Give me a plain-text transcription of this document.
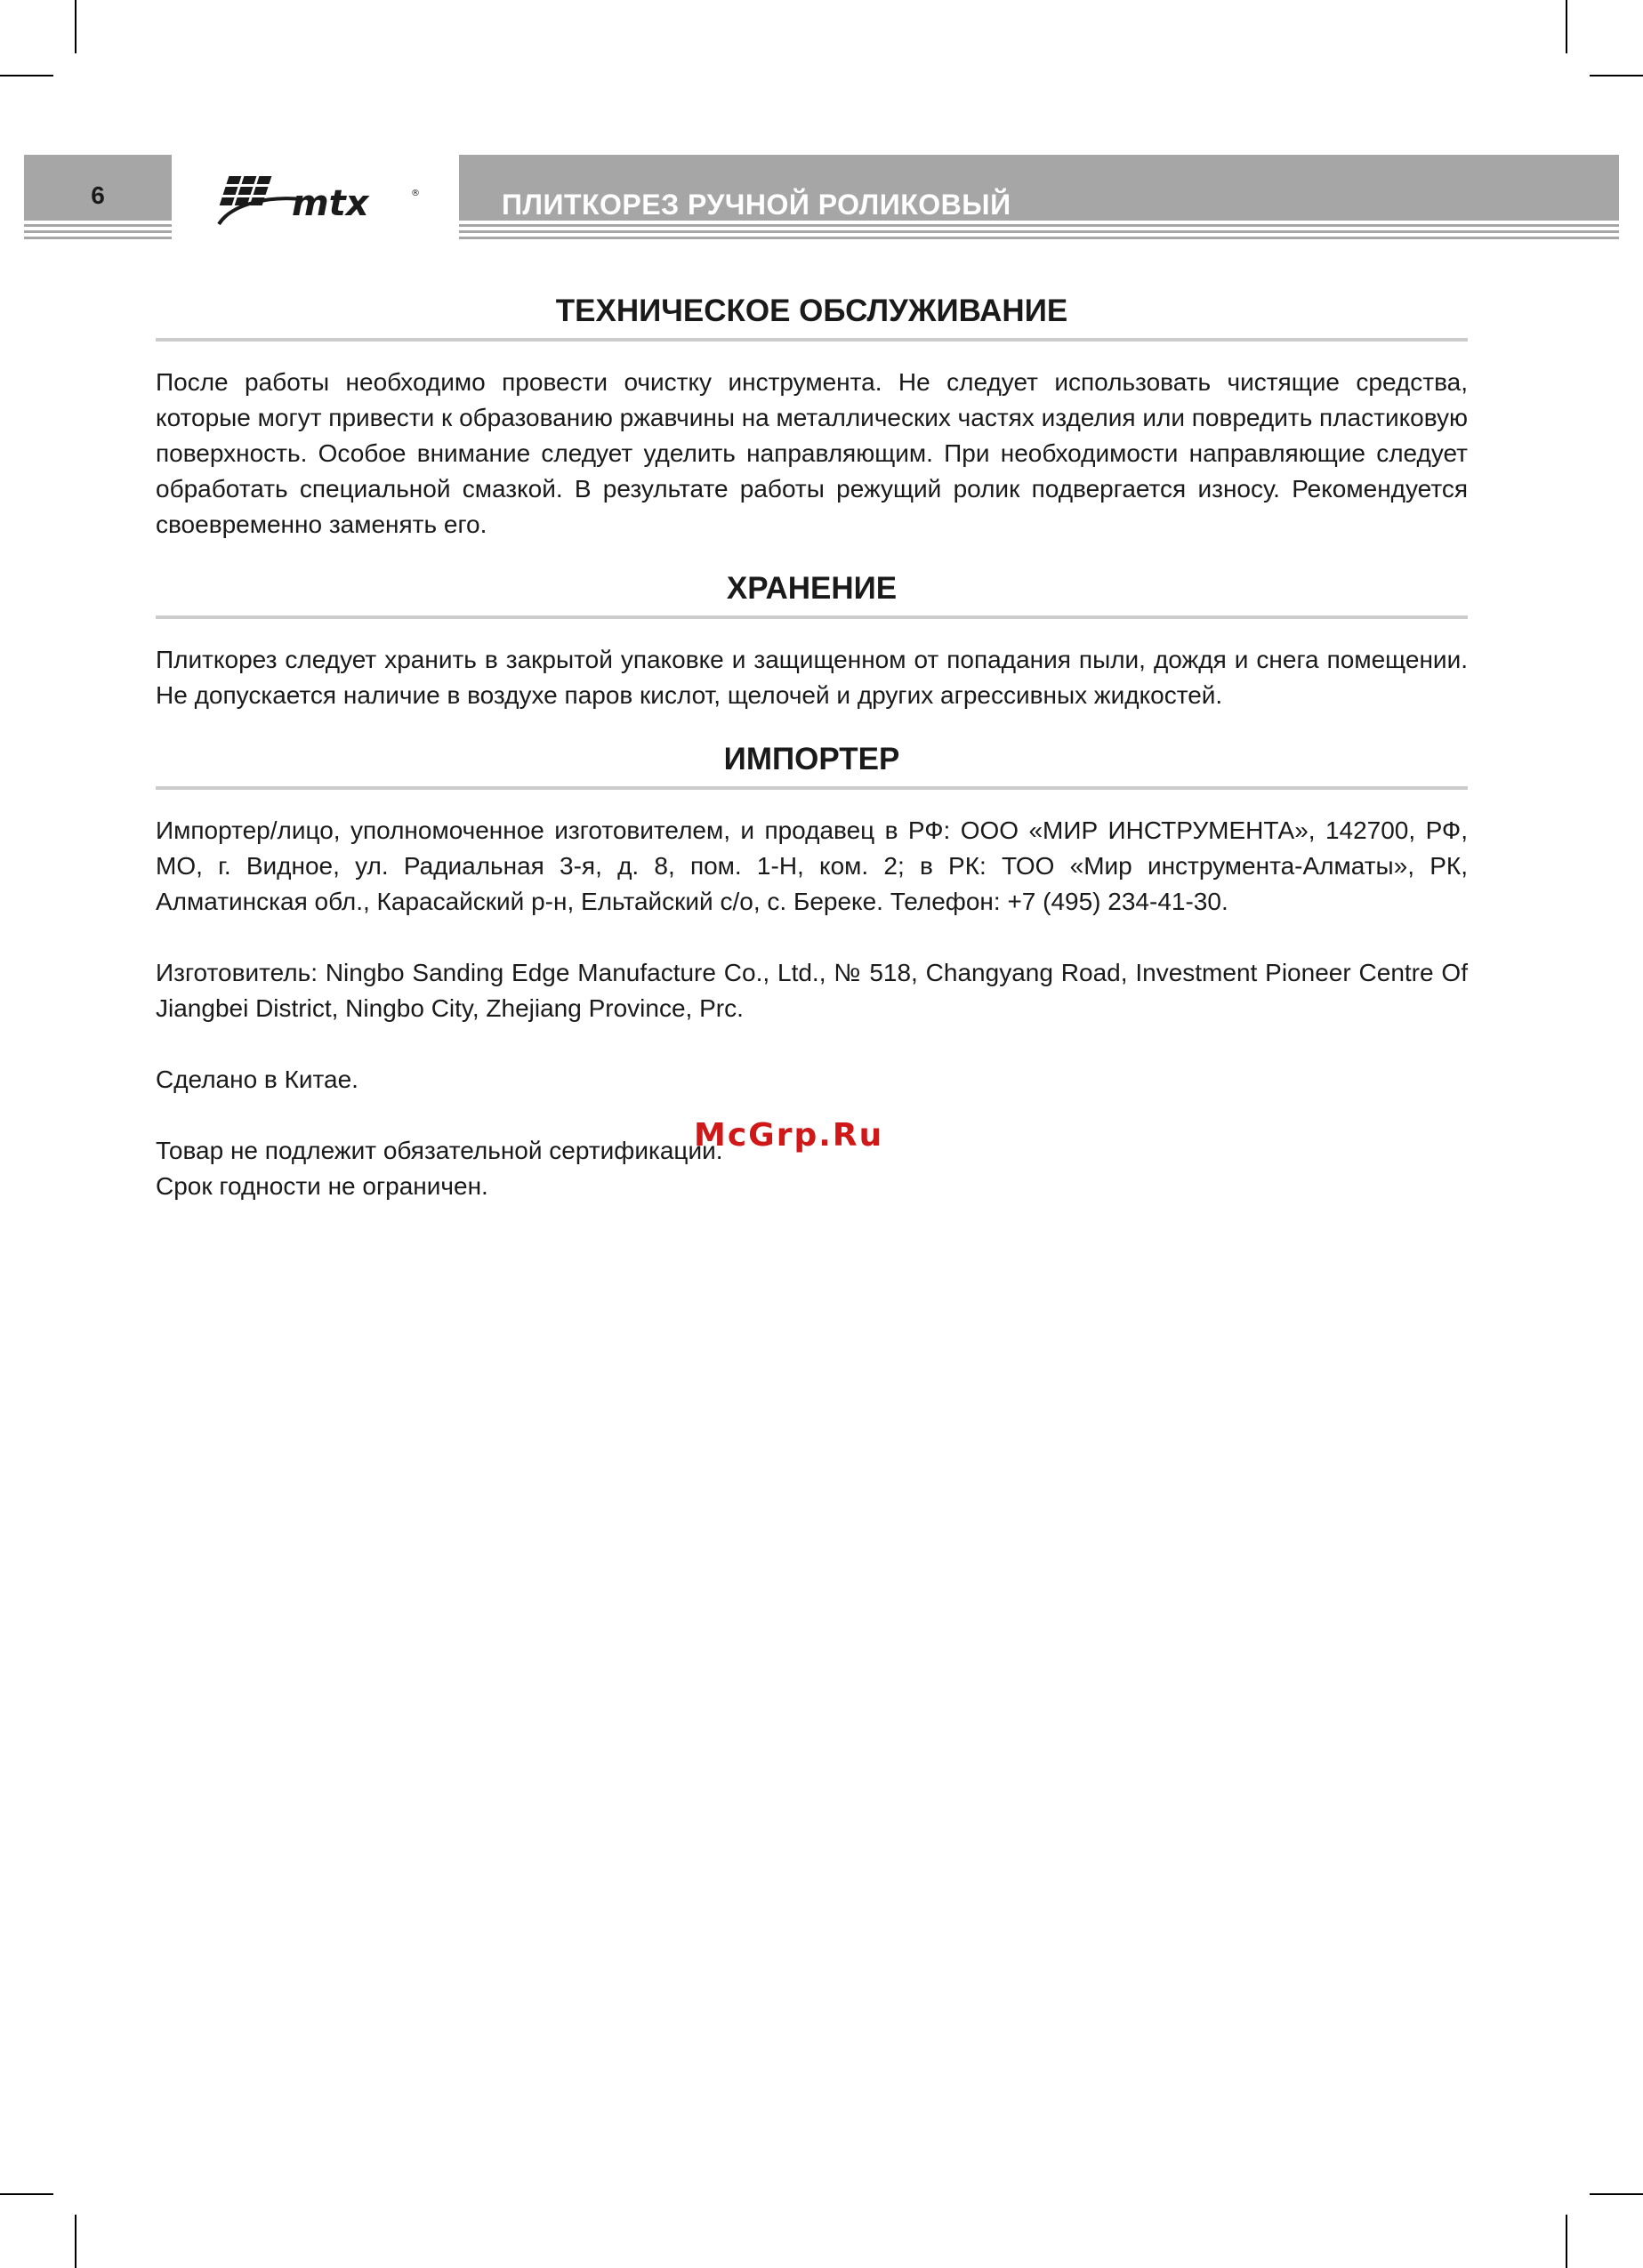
6	mtx	®	ПЛИТКОРЕЗ РУЧНОЙ РОЛИКОВЫЙ
ТЕХНИЧЕСКОЕ ОБСЛУЖИВАНИЕ

После работы необходимо провести очистку инструмента. Не следует использовать чистящие средства, которые могут привести к образованию ржавчины на металлических частях изделия или повредить пластиковую поверхность. Особое внимание следует уделить направляющим. При необходимости направляющие следует обработать специальной смазкой. В результате работы режущий ролик подвергается износу. Рекомендуется своевременно заменять его.

ХРАНЕНИЕ

Плиткорез следует хранить в закрытой упаковке и защищенном от попадания пыли, дождя и снега помещении. Не допускается наличие в воздухе паров кислот, щелочей и других агрессивных жидкостей.

ИМПОРТЕР

Импортер/лицо, уполномоченное изготовителем, и продавец в РФ: ООО «МИР ИНСТРУМЕНТА», 142700, РФ, МО, г. Видное, ул. Радиальная 3-я, д. 8, пом. 1-Н, ком. 2; в РК: ТОО «Мир инструмента-Алматы», РК, Алматинская обл., Карасайский р-н, Ельтайский с/о, с. Береке. Телефон: +7 (495) 234-41-30.

Изготовитель: Ningbo Sanding Edge Manufacture Co., Ltd., № 518, Changyang Road, Investment Pioneer Centre Of Jiangbei District, Ningbo City, Zhejiang Province, Prc.

Сделано в Китае.

Товар не подлежит обязательной сертификации.

Срок годности не ограничен.

McGrp.Ru
